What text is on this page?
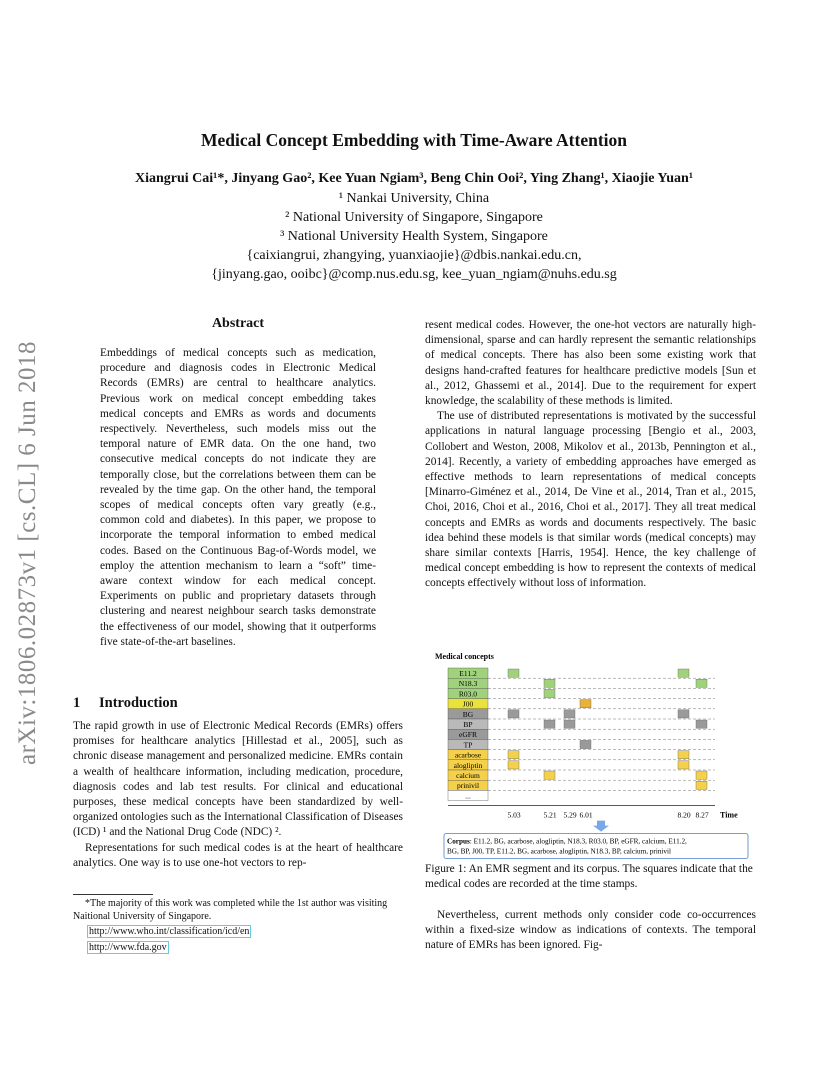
Medical Concept Embedding with Time-Aware Attention
Xiangrui Cai¹*, Jinyang Gao², Kee Yuan Ngiam³, Beng Chin Ooi², Ying Zhang¹, Xiaojie Yuan¹
¹ Nankai University, China
² National University of Singapore, Singapore
³ National University Health System, Singapore
{caixiangrui, zhangying, yuanxiaojie}@dbis.nankai.edu.cn,
{jinyang.gao, ooibc}@comp.nus.edu.sg, kee_yuan_ngiam@nuhs.edu.sg
arXiv:1806.02873v1 [cs.CL] 6 Jun 2018
Abstract

Embeddings of medical concepts such as medication, procedure and diagnosis codes in Electronic Medical Records (EMRs) are central to healthcare analytics. Previous work on medical concept embedding takes medical concepts and EMRs as words and documents respectively. Nevertheless, such models miss out the temporal nature of EMR data. On the one hand, two consecutive medical concepts do not indicate they are temporally close, but the correlations between them can be revealed by the time gap. On the other hand, the temporal scopes of medical concepts often vary greatly (e.g., common cold and diabetes). In this paper, we propose to incorporate the temporal information to embed medical codes. Based on the Continuous Bag-of-Words model, we employ the attention mechanism to learn a “soft” time-aware context window for each medical concept. Experiments on public and proprietary datasets through clustering and nearest neighbour search tasks demonstrate the effectiveness of our model, showing that it outperforms five state-of-the-art baselines.

1 Introduction

The rapid growth in use of Electronic Medical Records (EMRs) offers promises for healthcare analytics [Hillestad et al., 2005], such as chronic disease management and personalized medicine. EMRs contain a wealth of healthcare information, including medication, procedure, diagnosis codes and lab test results. For clinical and educational purposes, these medical concepts have been standardized by well-organized ontologies such as the International Classification of Diseases (ICD) ¹ and the National Drug Code (NDC) ².

Representations for such medical codes is at the heart of healthcare analytics. One way is to use one-hot vectors to rep-

*The majority of this work was completed while the 1st author was visiting Naitional University of Singapore.
http://www.who.int/classification/icd/en
http://www.fda.gov

resent medical codes. However, the one-hot vectors are naturally high-dimensional, sparse and can hardly represent the semantic relationships of medical concepts. There has also been some existing work that designs hand-crafted features for healthcare predictive models [Sun et al., 2012, Ghassemi et al., 2014]. Due to the requirement for expert knowledge, the scalability of these methods is limited.

The use of distributed representations is motivated by the successful applications in natural language processing [Bengio et al., 2003, Collobert and Weston, 2008, Mikolov et al., 2013b, Pennington et al., 2014]. Recently, a variety of embedding approaches have emerged as effective methods to learn representations of medical concepts [Minarro-Giménez et al., 2014, De Vine et al., 2014, Tran et al., 2015, Choi, 2016, Choi et al., 2016, Choi et al., 2017]. They all treat medical concepts and EMRs as words and documents respectively. The basic idea behind these models is that similar words (medical concepts) may share similar contexts [Harris, 1954]. Hence, the key challenge of medical concept embedding is how to represent the contexts of medical concepts effectively without loss of information.

Medical concepts
E11.2
N18.3
R03.0
J00
BG
BP
eGFR
TP
acarbose
alogliptin
calcium
prinivil
...
5.03	5.21 5.29 6.01	8.20 8.27 Time
Corpus: E11.2, BG, acarbose, alogliptin, N18.3, R03.0, BP, eGFR, calcium, E11.2,
BG, BP, J00, TP, E11.2, BG, acarbose, alogliptin, N18.3, BP, calcium, prinivil
Figure 1: An EMR segment and its corpus. The squares indicate that the medical codes are recorded at the time stamps.

Nevertheless, current methods only consider code co-occurrences within a fixed-size window as indications of contexts. The temporal nature of EMRs has been ignored. Fig-
